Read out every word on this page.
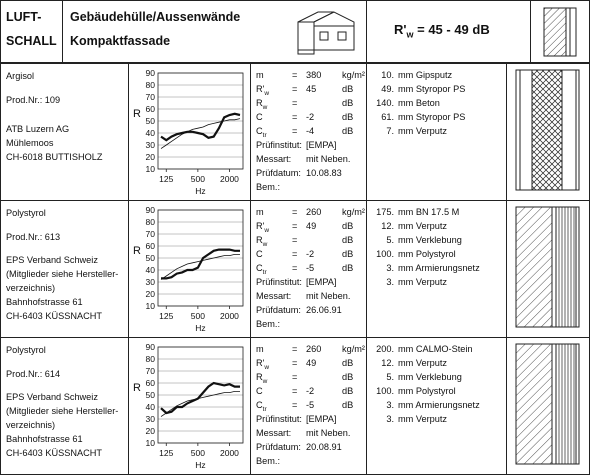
LUFT-
SCHALL
Gebäudehülle/Aussenwände
Kompaktfassade
$R'_w = 45 - 49$ dB
Argisol
Prod.Nr.: 109
ATB Luzern AG
Mühlemoos
CH-6018 BUTTISHOLZ
90
80
70
60
50
40
30
20
10
125 500 2000
R
Hz
m	= 380 kg/m²
$R'_w = 45$	dB
$R_w$	=	dB
C	= -2	dB
$C_{tr}$	= -4	dB
Prüfinstitut: [EMPA]
Messart: mit Neben.
Prüfdatum: 10.08.83
Bem.:
10. mm Gipsputz
49. mm Styropor PS
140. mm Beton
61. mm Styropor PS
7. mm Verputz
Polystyrol
Prod.Nr.: 613
EPS Verband Schweiz
(Mitglieder siehe Hersteller-
verzeichnis)
Bahnhofstrasse 61
CH-6403 KÜSSNACHT
90
80
70
60
50
40
30
20
10
125 500 2000
R
Hz
m	= 260 kg/m²
$R'_w = 49$	dB
$R_w$	=	dB
C	= -2	dB
$C_{tr}$	= -5	dB
Prüfinstitut: [EMPA]
Messart: mit Neben.
Prüfdatum: 26.06.91
Bem.:
175. mm BN 17.5 M
12. mm Verputz
5. mm Verklebung
100. mm Polystyrol
3. mm Armierungsnetz
3. mm Verputz
Polystyrol
Prod.Nr.: 614
EPS Verband Schweiz
(Mitglieder siehe Hersteller-
verzeichnis)
Bahnhofstrasse 61
CH-6403 KÜSSNACHT
90
80
70
60
50
40
30
20
10
125 500 2000
R
Hz
m	= 260 kg/m²
$R'_w = 49$	dB
$R_w$	=	dB
C	= -2	dB
$C_{tr}$	= -5	dB
Prüfinstitut: [EMPA]
Messart: mit Neben.
Prüfdatum: 20.08.91
Bem.:
200. mm CALMO-Stein
12. mm Verputz
5. mm Verklebung
100. mm Polystyrol
3. mm Armierungsnetz
3. mm Verputz
